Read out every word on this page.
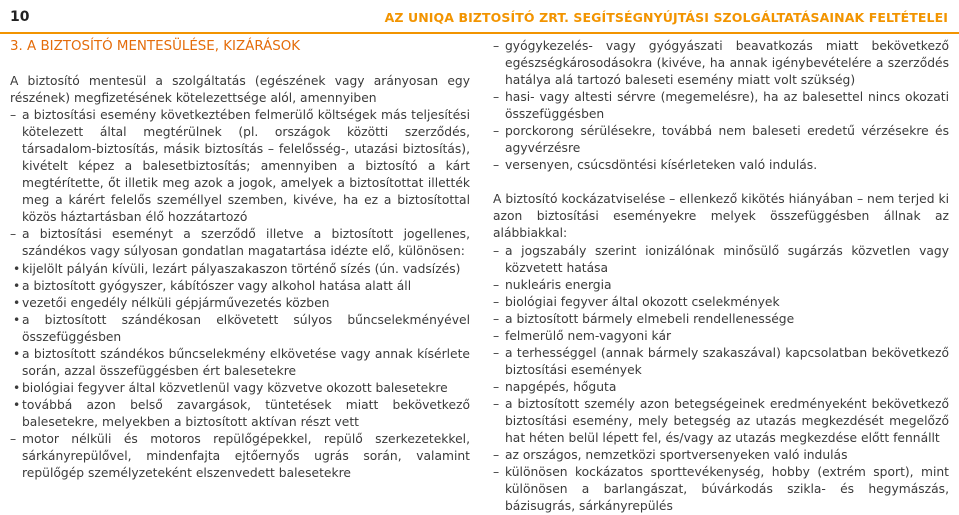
10	AZ UNIQA BIZTOSÍTÓ ZRT. SEGÍTSÉGNYÚJTÁSI SZOLGÁLTATÁSAINAK FELTÉTELEI
3. A BIZTOSÍTÓ MENTESÜLÉSE, KIZÁRÁSOK

A biztosító mentesül a szolgáltatás (egészének vagy arányosan egy részének) megfizetésének kötelezettsége alól, amennyiben

– a biztosítási esemény következtében felmerülő költségek más teljesítési kötelezett által megtérülnek (pl. országok közötti szerződés, társadalom-biztosítás, másik biztosítás – felelősség-, utazási biztosítás), kivételt képez a balesetbiztosítás; amennyiben a biztosító a kárt megtérítette, őt illetik meg azok a jogok, amelyek a biztosítottat illették meg a kárért felelős személlyel szemben, kivéve, ha ez a biztosítottal közös háztartásban élő hozzátartozó
– a biztosítási eseményt a szerződő illetve a biztosított jogellenes, szándékos vagy súlyosan gondatlan magatartása idézte elő, különösen:
• kijelölt pályán kívüli, lezárt pályaszakaszon történő sízés (ún. vadsízés)
• a biztosított gyógyszer, kábítószer vagy alkohol hatása alatt áll
• vezetői engedély nélküli gépjárművezetés közben
• a biztosított szándékosan elkövetett súlyos bűncselekményével összefüggésben
• a biztosított szándékos bűncselekmény elkövetése vagy annak kísérlete során, azzal összefüggésben ért balesetekre
• biológiai fegyver által közvetlenül vagy közvetve okozott balesetekre
• továbbá azon belső zavargások, tüntetések miatt bekövetkező balesetekre, melyekben a biztosított aktívan részt vett
– motor nélküli és motoros repülőgépekkel, repülő szerkezetekkel, sárkányrepülővel, mindenfajta ejtőernyős ugrás során, valamint repülőgép személyzeteként elszenvedett balesetekre
– gyógykezelés- vagy gyógyászati beavatkozás miatt bekövetkező egészségkárosodásokra (kivéve, ha annak igénybevételére a szerződés hatálya alá tartozó baleseti esemény miatt volt szükség)
– hasi- vagy altesti sérvre (megemelésre), ha az balesettel nincs okozati összefüggésben
– porckorong sérülésekre, továbbá nem baleseti eredetű vérzésekre és agyvérzésre
– versenyen, csúcsdöntési kísérleteken való indulás.

A biztosító kockázatviselése – ellenkező kikötés hiányában – nem terjed ki azon biztosítási eseményekre melyek összefüggésben állnak az alábbiakkal:

– a jogszabály szerint ionizálónak minősülő sugárzás közvetlen vagy közvetett hatása
– nukleáris energia
– biológiai fegyver által okozott cselekmények
– a biztosított bármely elmebeli rendellenessége
– felmerülő nem-vagyoni kár
– a terhességgel (annak bármely szakaszával) kapcsolatban bekövetkező biztosítási események
– napgépés, hőguta
– a biztosított személy azon betegségeinek eredményeként bekövetkező biztosítási esemény, mely betegség az utazás megkezdését megelőző hat héten belül lépett fel, és/vagy az utazás megkezdése előtt fennállt
– az országos, nemzetközi sportversenyeken való indulás
– különösen kockázatos sporttevékenység, hobby (extrém sport), mint különösen a barlangászat, búvárkodás szikla- és hegymászás, bázisugrás, sárkányrepülés
